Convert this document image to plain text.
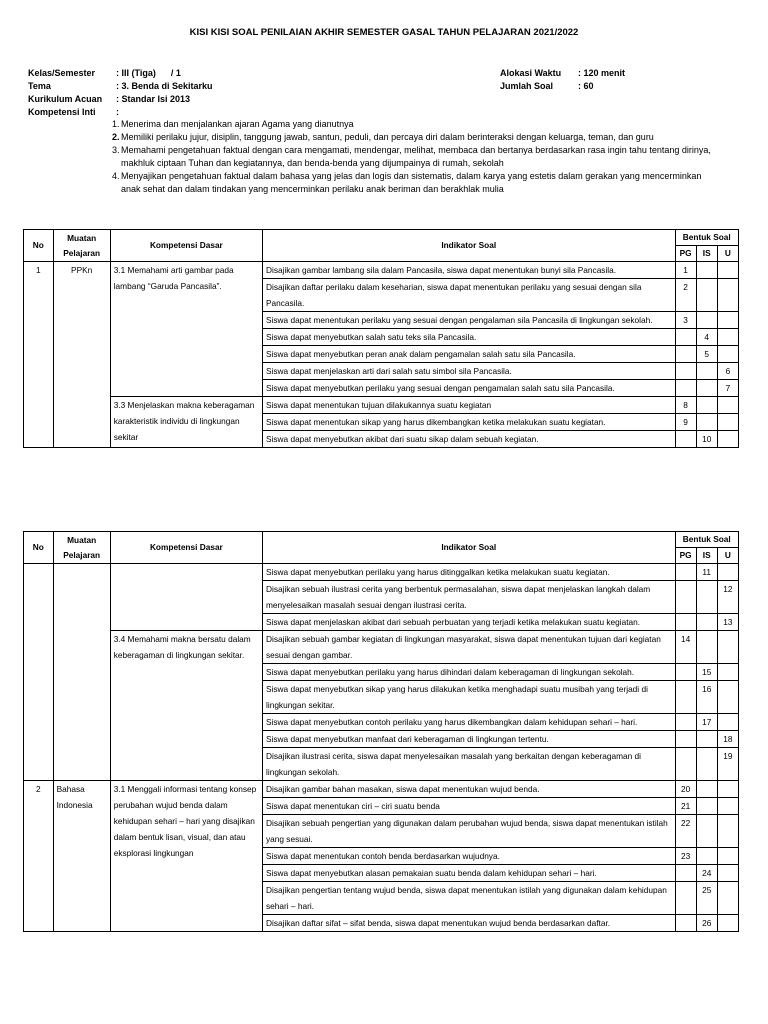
KISI KISI SOAL PENILAIAN AKHIR SEMESTER GASAL TAHUN PELAJARAN 2021/2022
Kelas/Semester	: III (Tiga)      / 1
Tema	: 3. Benda di Sekitarku
Kurikulum Acuan	: Standar Isi 2013
Kompetensi Inti	:
Alokasi Waktu	: 120 menit
Jumlah Soal	: 60
1. Menerima dan menjalankan ajaran Agama yang dianutnya
2. Memiliki perilaku jujur, disiplin, tanggung jawab, santun, peduli, dan percaya diri dalam berinteraksi dengan keluarga, teman, dan guru
3. Memahami pengetahuan faktual dengan cara mengamati, mendengar, melihat, membaca dan bertanya berdasarkan rasa ingin tahu tentang dirinya, makhluk ciptaan Tuhan dan kegiatannya, dan benda-benda yang dijumpainya di rumah, sekolah
4. Menyajikan pengetahuan faktual dalam bahasa yang jelas dan logis dan sistematis, dalam karya yang estetis dalam gerakan yang mencerminkan anak sehat dan dalam tindakan yang mencerminkan perilaku anak beriman dan berakhlak mulia
No	Muatan Pelajaran	Kompetensi Dasar	Indikator Soal	Bentuk Soal		
				PG	IS	U
1	PPKn	3.1 Memahami arti gambar pada lambang “Garuda Pancasila”.	Disajikan gambar lambang sila dalam Pancasila, siswa dapat menentukan bunyi sila Pancasila.	1		
			Disajikan daftar perilaku dalam keseharian, siswa dapat menentukan perilaku yang sesuai dengan sila Pancasila.	2		
			Siswa dapat menentukan perilaku yang sesuai dengan pengalaman sila Pancasila di lingkungan sekolah.	3		
			Siswa dapat menyebutkan salah satu teks sila Pancasila.		4	
			Siswa dapat menyebutkan peran anak dalam pengamalan salah satu sila Pancasila.		5	
			Siswa dapat menjelaskan arti dari salah satu simbol sila Pancasila.			6
			Siswa dapat menyebutkan perilaku yang sesuai dengan pengamalan salah satu sila Pancasila.			7
		3.3 Menjelaskan makna keberagaman karakteristik individu di lingkungan sekitar	Siswa dapat menentukan tujuan dilakukannya suatu kegiatan	8		
			Siswa dapat menentukan sikap yang harus dikembangkan ketika melakukan suatu kegiatan.	9		
			Siswa dapat menyebutkan akibat dari suatu sikap dalam sebuah kegiatan.		10	
No	Muatan Pelajaran	Kompetensi Dasar	Indikator Soal	Bentuk Soal		
				PG	IS	U
			Siswa dapat menyebutkan perilaku yang harus ditinggalkan ketika melakukan suatu kegiatan.		11	
			Disajikan sebuah ilustrasi cerita yang berbentuk permasalahan, siswa dapat menjelaskan langkah dalam menyelesaikan masalah sesuai dengan ilustrasi cerita.			12
			Siswa dapat menjelaskan akibat dari sebuah perbuatan yang terjadi ketika melakukan suatu kegiatan.			13
		3.4 Memahami makna bersatu dalam keberagaman di lingkungan sekitar.	Disajikan sebuah gambar kegiatan di lingkungan masyarakat, siswa dapat menentukan tujuan dari kegiatan sesuai dengan gambar.	14		
			Siswa dapat menyebutkan perilaku yang harus dihindari dalam keberagaman di lingkungan sekolah.		15	
			Siswa dapat menyebutkan sikap yang harus dilakukan ketika menghadapi suatu musibah yang terjadi di lingkungan sekitar.		16	
			Siswa dapat menyebutkan contoh perilaku yang harus dikembangkan dalam kehidupan sehari – hari.		17	
			Siswa dapat menyebutkan manfaat dari keberagaman di lingkungan tertentu.			18
			Disajikan ilustrasi cerita, siswa dapat menyelesaikan masalah yang berkaitan dengan keberagaman di lingkungan sekolah.			19
2	Bahasa Indonesia	3.1 Menggali informasi tentang konsep perubahan wujud benda dalam kehidupan sehari – hari yang disajikan dalam bentuk lisan, visual, dan atau eksplorasi lingkungan	Disajikan gambar bahan masakan, siswa dapat menentukan wujud benda.	20		
			Siswa dapat menentukan ciri – ciri suatu benda	21		
			Disajikan sebuah pengertian yang digunakan dalam perubahan wujud benda, siswa dapat menentukan istilah yang sesuai.	22		
			Siswa dapat menentukan contoh benda berdasarkan wujudnya.	23		
			Siswa dapat menyebutkan alasan pemakaian suatu benda dalam kehidupan sehari – hari.		24	
			Disajikan pengertian tentang wujud benda, siswa dapat menentukan istilah yang digunakan dalam kehidupan sehari – hari.		25	
			Disajikan daftar sifat – sifat benda, siswa dapat menentukan wujud benda berdasarkan daftar.		26	
